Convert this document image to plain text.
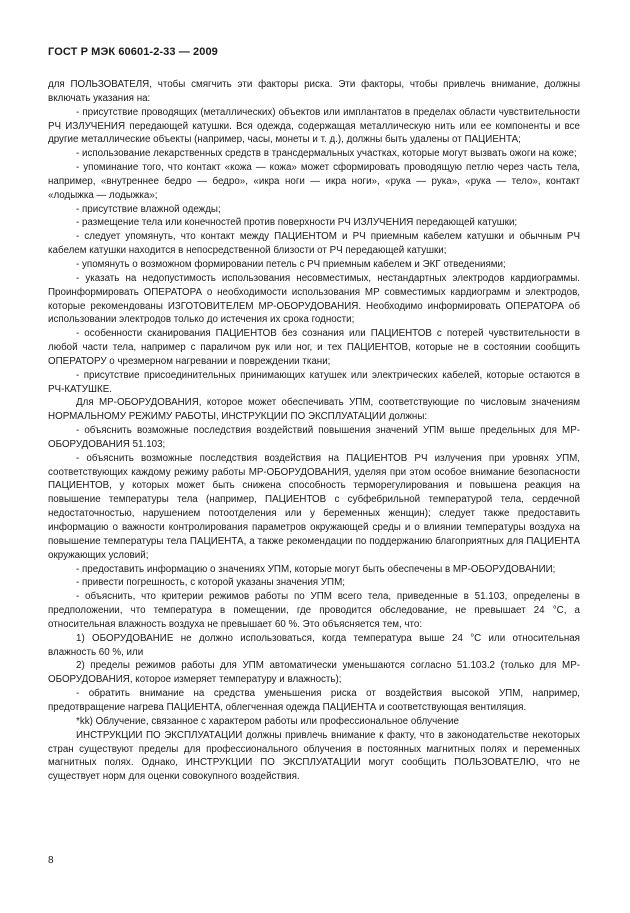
ГОСТ Р МЭК 60601-2-33 — 2009

для ПОЛЬЗОВАТЕЛЯ, чтобы смягчить эти факторы риска. Эти факторы, чтобы привлечь внимание, должны включать указания на:

- присутствие проводящих (металлических) объектов или имплантатов в пределах области чувствительности РЧ ИЗЛУЧЕНИЯ передающей катушки. Вся одежда, содержащая металлическую нить или ее компоненты и все другие металлические объекты (например, часы, монеты и т. д.), должны быть удалены от ПАЦИЕНТА;

- использование лекарственных средств в трансдермальных участках, которые могут вызвать ожоги на коже;

- упоминание того, что контакт «кожа — кожа» может сформировать проводящую петлю через часть тела, например, «внутреннее бедро — бедро», «икра ноги — икра ноги», «рука — рука», «рука — тело», контакт «лодыжка — лодыжка»;

- присутствие влажной одежды;

- размещение тела или конечностей против поверхности РЧ ИЗЛУЧЕНИЯ передающей катушки;

- следует упомянуть, что контакт между ПАЦИЕНТОМ и РЧ приемным кабелем катушки и обычным РЧ кабелем катушки находится в непосредственной близости от РЧ передающей катушки;

- упомянуть о возможном формировании петель с РЧ приемным кабелем и ЭКГ отведениями;

- указать на недопустимость использования несовместимых, нестандартных электродов кардиограммы. Проинформировать ОПЕРАТОРА о необходимости использования МР совместимых кардиограмм и электродов, которые рекомендованы ИЗГОТОВИТЕЛЕМ МР-ОБОРУДОВАНИЯ. Необходимо информировать ОПЕРАТОРА об использовании электродов только до истечения их срока годности;

- особенности сканирования ПАЦИЕНТОВ без сознания или ПАЦИЕНТОВ с потерей чувствительности в любой части тела, например с параличом рук или ног, и тех ПАЦИЕНТОВ, которые не в состоянии сообщить ОПЕРАТОРУ о чрезмерном нагревании и повреждении ткани;

- присутствие присоединительных принимающих катушек или электрических кабелей, которые остаются в РЧ-КАТУШКЕ.

Для МР-ОБОРУДОВАНИЯ, которое может обеспечивать УПМ, соответствующие по числовым значениям НОРМАЛЬНОМУ РЕЖИМУ РАБОТЫ, ИНСТРУКЦИИ ПО ЭКСПЛУАТАЦИИ должны:

- объяснить возможные последствия воздействий повышения значений УПМ выше предельных для МР-ОБОРУДОВАНИЯ 51.103;

- объяснить возможные последствия воздействия на ПАЦИЕНТОВ РЧ излучения при уровнях УПМ, соответствующих каждому режиму работы МР-ОБОРУДОВАНИЯ, уделяя при этом особое внимание безопасности ПАЦИЕНТОВ, у которых может быть снижена способность терморегулирования и повышена реакция на повышение температуры тела (например, ПАЦИЕНТОВ с субфебрильной температурой тела, сердечной недостаточностью, нарушением потоотделения или у беременных женщин); следует также предоставить информацию о важности контролирования параметров окружающей среды и о влиянии температуры воздуха на повышение температуры тела ПАЦИЕНТА, а также рекомендации по поддержанию благоприятных для ПАЦИЕНТА окружающих условий;

- предоставить информацию о значениях УПМ, которые могут быть обеспечены в МР-ОБОРУДОВАНИИ;

- привести погрешность, с которой указаны значения УПМ;

- объяснить, что критерии режимов работы по УПМ всего тела, приведенные в 51.103, определены в предположении, что температура в помещении, где проводится обследование, не превышает 24 °С, а относительная влажность воздуха не превышает 60 %. Это объясняется тем, что:

1) ОБОРУДОВАНИЕ не должно использоваться, когда температура выше 24 °С или относительная влажность 60 %, или

2) пределы режимов работы для УПМ автоматически уменьшаются согласно 51.103.2 (только для МР-ОБОРУДОВАНИЯ, которое измеряет температуру и влажность);

- обратить внимание на средства уменьшения риска от воздействия высокой УПМ, например, предотвращение нагрева ПАЦИЕНТА, облегченная одежда ПАЦИЕНТА и соответствующая вентиляция.

*kk) Облучение, связанное с характером работы или профессиональное облучение

ИНСТРУКЦИИ ПО ЭКСПЛУАТАЦИИ должны привлечь внимание к факту, что в законодательстве некоторых стран существуют пределы для профессионального облучения в постоянных магнитных полях и переменных магнитных полях. Однако, ИНСТРУКЦИИ ПО ЭКСПЛУАТАЦИИ могут сообщить ПОЛЬЗОВАТЕЛЮ, что не существует норм для оценки совокупного воздействия.

8
